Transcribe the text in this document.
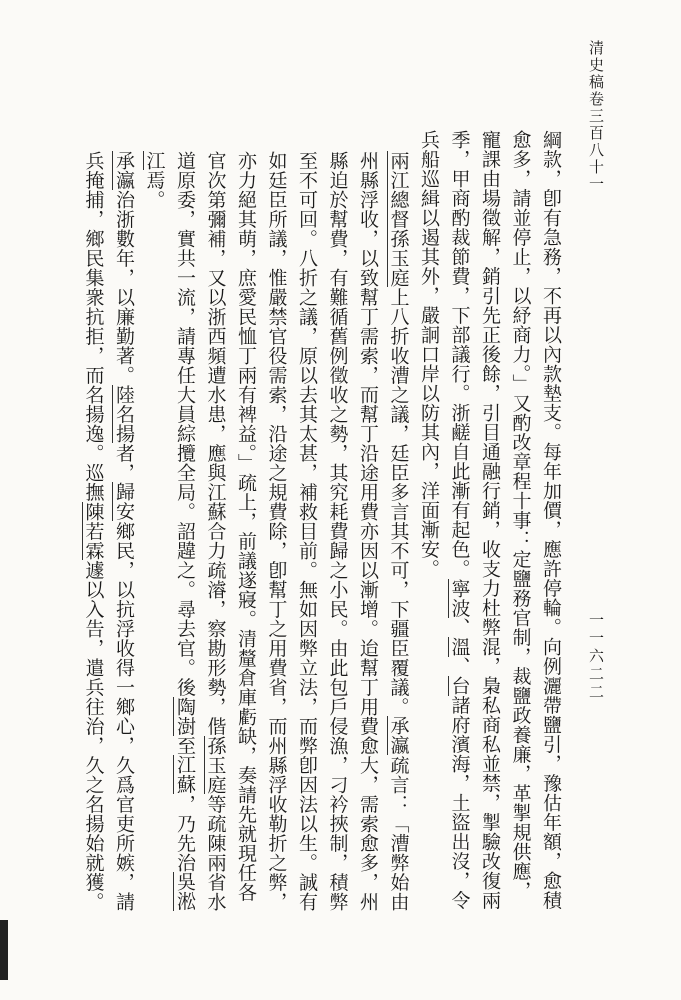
清史稿卷三百八十一
一一六二二

綱款，卽有急務，不再以內款墊支。每年加價，應許停輪。向例灑帶鹽引，豫估年額，愈積愈多，請並停止，以紓商力。」又酌改章程十事：定鹽務官制，裁鹽政養廉，革掣規供應，寵課由場徵解，銷引先正後餘，引目通融行銷，收支力杜弊混，梟私商私並禁，掣驗改復兩季，甲商酌裁節費，下部議行。浙鹺自此漸有起色。寧波、溫、台諸府濱海，土盜出沒，令兵船巡緝以遏其外，嚴詗口岸以防其內，洋面漸安。

兩江總督孫玉庭上八折收漕之議，廷臣多言其不可，下疆臣覆議。承瀛疏言：「漕弊始由州縣浮收，以致幫丁需索，而幫丁沿途用費亦因以漸增。迨幫丁用費愈大，需索愈多，州縣迫於幫費，有難循舊例徵收之勢，其究耗費歸之小民。由此包戶侵漁，刁衿挾制，積弊至不可回。八折之議，原以去其太甚，補救目前。無如因弊立法，而弊卽因法以生。誠有如廷臣所議，惟嚴禁官役需索，沿途之規費除，卽幫丁之用費省，而州縣浮收勒折之弊，亦力絕其萌，庶愛民恤丁兩有裨益。」疏上，前議遂寢。清釐倉庫虧缺，奏請先就現任各官次第彌補，又以浙西頻遭水患，應與江蘇合力疏濬，察勘形勢，偕孫玉庭等疏陳兩省水道原委，實共一流，請專任大員綜攬全局。詔韙之。尋去官。後陶澍至江蘇，乃先治吳淞江焉。

承瀛治浙數年，以廉勤著。陸名揚者，歸安鄉民，以抗浮收得一鄉心，久爲官吏所嫉，請兵掩捕，鄉民集衆抗拒，而名揚逸。巡撫陳若霖遽以入告，遣兵往治，久之名揚始就獲。
